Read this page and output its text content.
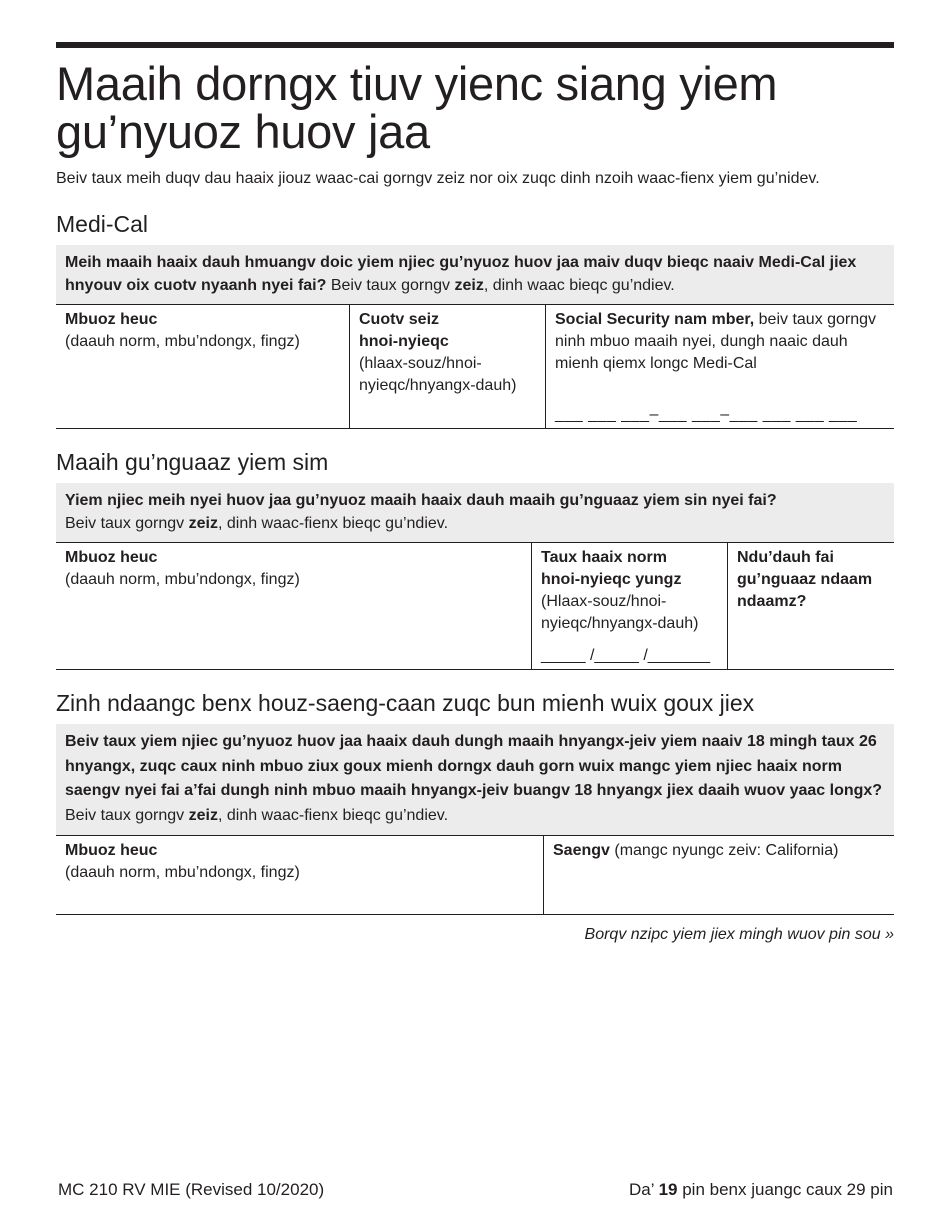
Maaih dorngx tiuv yienc siang yiem
gu’nyuoz huov jaa

Beiv taux meih duqv dau haaix jiouz waac-cai gorngv zeiz nor oix zuqc dinh nzoih waac-fienx yiem gu’nidev.

Medi-Cal
Meih maaih haaix dauh hmuangv doic yiem njiec gu’nyuoz huov jaa maiv duqv bieqc naaiv Medi-Cal jiex hnyouv oix cuotv nyaanh nyei fai? Beiv taux gorngv zeiz, dinh waac bieqc gu’ndiev.
Mbuoz heuc
(daauh norm, mbu’ndongx, fingz)
Cuotv seiz
hnoi-nyieqc
(hlaax-souz/hnoi-nyieqc/hnyangx-dauh)
Social Security nam mber, beiv taux gorngv ninh mbuo maaih nyei, dungh naaic dauh mienh qiemx longc Medi-Cal
___ ___ ___–___ ___–___ ___ ___ ___
Maaih gu’nguaaz yiem sim
Yiem njiec meih nyei huov jaa gu’nyuoz maaih haaix dauh maaih gu’nguaaz yiem sin nyei fai?
Beiv taux gorngv zeiz, dinh waac-fienx bieqc gu’ndiev.
Mbuoz heuc
(daauh norm, mbu’ndongx, fingz)
Taux haaix norm
hnoi-nyieqc yungz
(Hlaax-souz/hnoi-nyieqc/hnyangx-dauh)
_____ /_____ /_______
Ndu’dauh fai
gu’nguaaz ndaam
ndaamz?
Zinh ndaangc benx houz-saeng-caan zuqc bun mienh wuix goux jiex
Beiv taux yiem njiec gu’nyuoz huov jaa haaix dauh dungh maaih hnyangx-jeiv yiem naaiv 18 mingh taux 26 hnyangx, zuqc caux ninh mbuo ziux goux mienh dorngx dauh gorn wuix mangc yiem njiec haaix norm saengv nyei fai a’fai dungh ninh mbuo maaih hnyangx-jeiv buangv 18 hnyangx jiex daaih wuov yaac longx? Beiv taux gorngv zeiz, dinh waac-fienx bieqc gu’ndiev.
Mbuoz heuc
(daauh norm, mbu’ndongx, fingz)
Saengv (mangc nyungc zeiv: California)
Borqv nzipc yiem jiex mingh wuov pin sou »
MC 210 RV MIE (Revised 10/2020)	Da’ 19 pin benx juangc caux 29 pin
